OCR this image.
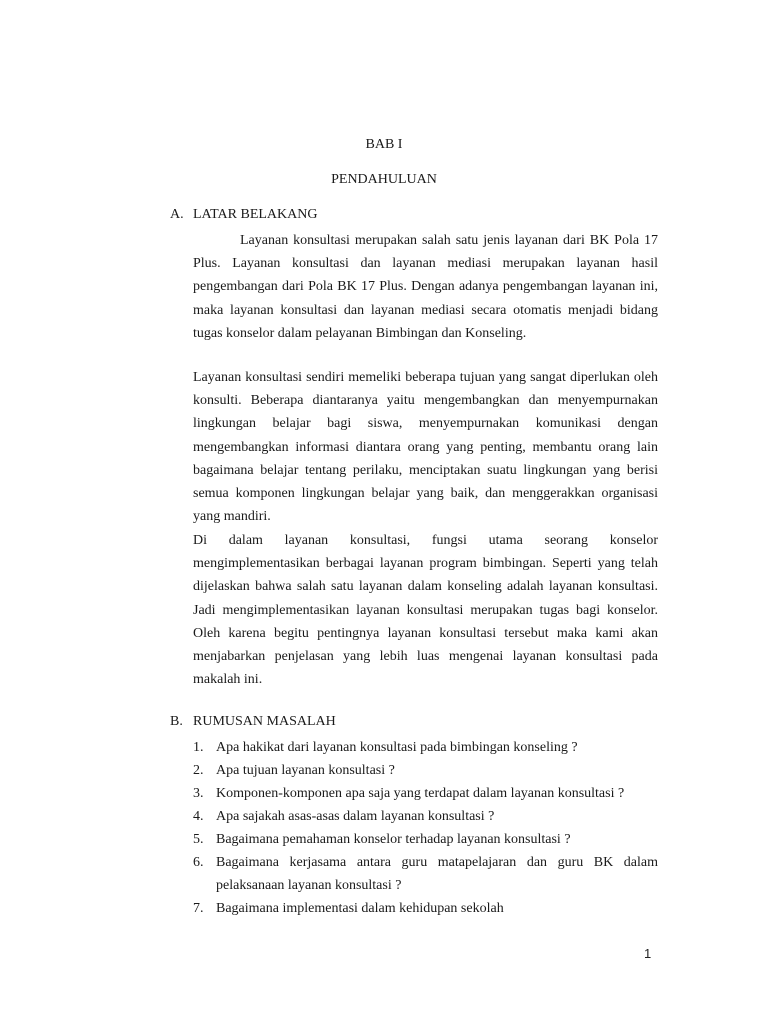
BAB I
PENDAHULUAN
A. LATAR BELAKANG

Layanan konsultasi merupakan salah satu jenis layanan dari BK Pola 17 Plus. Layanan konsultasi dan layanan mediasi merupakan layanan hasil pengembangan dari Pola BK 17 Plus. Dengan adanya pengembangan layanan ini, maka layanan konsultasi dan layanan mediasi secara otomatis menjadi bidang tugas konselor dalam pelayanan Bimbingan dan Konseling.

Layanan konsultasi sendiri memeliki beberapa tujuan yang sangat diperlukan oleh konsulti. Beberapa diantaranya yaitu mengembangkan dan menyempurnakan lingkungan belajar bagi siswa, menyempurnakan komunikasi dengan mengembangkan informasi diantara orang yang penting, membantu orang lain bagaimana belajar tentang perilaku, menciptakan suatu lingkungan yang berisi semua komponen lingkungan belajar yang baik, dan menggerakkan organisasi yang mandiri.

Di dalam layanan konsultasi, fungsi utama seorang konselor mengimplementasikan berbagai layanan program bimbingan. Seperti yang telah dijelaskan bahwa salah satu layanan dalam konseling adalah layanan konsultasi. Jadi mengimplementasikan layanan konsultasi merupakan tugas bagi konselor. Oleh karena begitu pentingnya layanan konsultasi tersebut maka kami akan menjabarkan penjelasan yang lebih luas mengenai layanan konsultasi pada makalah ini.

B. RUMUSAN MASALAH
1. Apa hakikat dari layanan konsultasi pada bimbingan konseling ?
2. Apa tujuan layanan konsultasi ?
3. Komponen-komponen apa saja yang terdapat dalam layanan konsultasi ?
4. Apa sajakah asas-asas dalam layanan konsultasi ?
5. Bagaimana pemahaman konselor terhadap layanan konsultasi ?
6. Bagaimana kerjasama antara guru matapelajaran dan guru BK dalam pelaksanaan layanan konsultasi ?
7. Bagaimana implementasi dalam kehidupan sekolah
1
